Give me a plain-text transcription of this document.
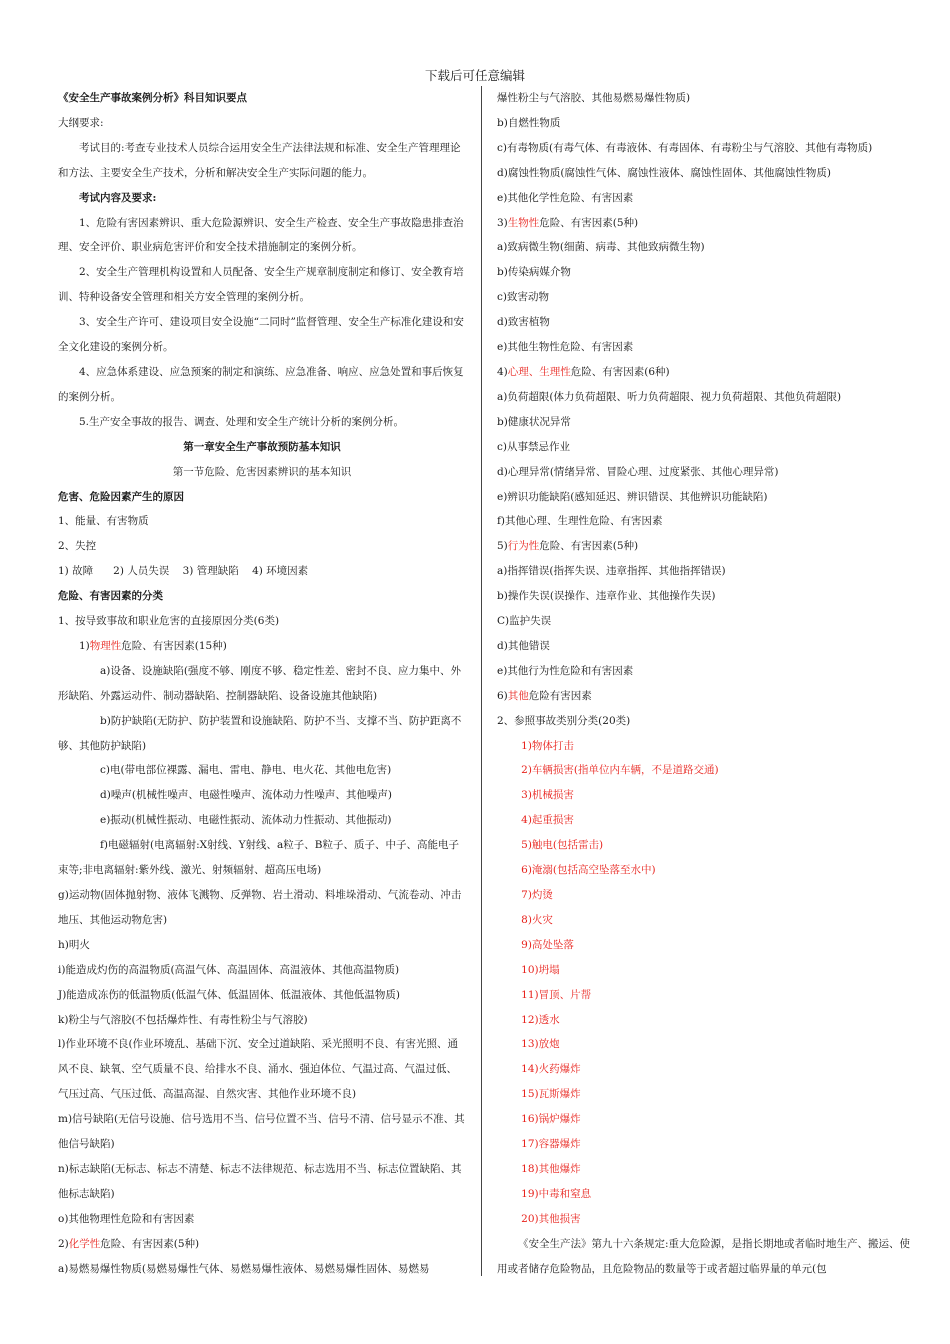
下载后可任意编辑

《安全生产事故案例分析》科目知识要点

大纲要求:

考试目的:考查专业技术人员综合运用安全生产法律法规和标准、安全生产管理理论和方法、主要安全生产技术，分析和解决安全生产实际问题的能力。

考试内容及要求:

1、危险有害因素辨识、重大危险源辨识、安全生产检查、安全生产事故隐患排查治理、安全评价、职业病危害评价和安全技术措施制定的案例分析。

2、安全生产管理机构设置和人员配备、安全生产规章制度制定和修订、安全教育培训、特种设备安全管理和相关方安全管理的案例分析。

3、安全生产许可、建设项目安全设施“二同时”监督管理、安全生产标准化建设和安全文化建设的案例分析。

4、应急体系建设、应急预案的制定和演练、应急准备、响应、应急处置和事后恢复的案例分析。

5.生产安全事故的报告、调查、处理和安全生产统计分析的案例分析。

第一章安全生产事故预防基本知识

第一节危险、危害因素辨识的基本知识

危害、危险因素产生的原因

1、能量、有害物质

2、失控

1) 故障      2) 人员失误    3) 管理缺陷    4) 环境因素

危险、有害因素的分类

1、按导致事故和职业危害的直接原因分类(6类)

1)物理性危险、有害因素(15种)

a)设备、设施缺陷(强度不够、刚度不够、稳定性差、密封不良、应力集中、外形缺陷、外露运动件、制动器缺陷、控制器缺陷、设备设施其他缺陷)

b)防护缺陷(无防护、防护装置和设施缺陷、防护不当、支撑不当、防护距离不够、其他防护缺陷)

c)电(带电部位裸露、漏电、雷电、静电、电火花、其他电危害)

d)噪声(机械性噪声、电磁性噪声、流体动力性噪声、其他噪声)

e)振动(机械性振动、电磁性振动、流体动力性振动、其他振动)

f)电磁辐射(电离辐射:X射线、Y射线、a粒子、B粒子、质子、中子、高能电子束等;非电离辐射:紫外线、激光、射频辐射、超高压电场)

g)运动物(固体抛射物、液体飞溅物、反弹物、岩土滑动、料堆垛滑动、气流卷动、冲击地压、其他运动物危害)

h)明火

i)能造成灼伤的高温物质(高温气体、高温固体、高温液体、其他高温物质)

J)能造成冻伤的低温物质(低温气体、低温固体、低温液体、其他低温物质)

k)粉尘与气溶胶(不包括爆炸性、有毒性粉尘与气溶胶)

l)作业环境不良(作业环境乱、基础下沉、安全过道缺陷、采光照明不良、有害光照、通风不良、缺氧、空气质量不良、给排水不良、涌水、强迫体位、气温过高、气温过低、气压过高、气压过低、高温高湿、自然灾害、其他作业环境不良)

m)信号缺陷(无信号设施、信号选用不当、信号位置不当、信号不清、信号显示不准、其他信号缺陷)

n)标志缺陷(无标志、标志不清楚、标志不法律规范、标志选用不当、标志位置缺陷、其他标志缺陷)

o)其他物理性危险和有害因素

2)化学性危险、有害因素(5种)

a)易燃易爆性物质(易燃易爆性气体、易燃易爆性液体、易燃易爆性固体、易燃易

爆性粉尘与气溶胶、其他易燃易爆性物质)

b)自燃性物质

c)有毒物质(有毒气体、有毒液体、有毒固体、有毒粉尘与气溶胶、其他有毒物质)

d)腐蚀性物质(腐蚀性气体、腐蚀性液体、腐蚀性固体、其他腐蚀性物质)

e)其他化学性危险、有害因素

3)生物性危险、有害因素(5种)

a)致病微生物(细菌、病毒、其他致病微生物)

b)传染病媒介物

c)致害动物

d)致害植物

e)其他生物性危险、有害因素

4)心理、生理性危险、有害因素(6种)

a)负荷超限(体力负荷超限、听力负荷超限、视力负荷超限、其他负荷超限)

b)健康状况异常

c)从事禁忌作业

d)心理异常(情绪异常、冒险心理、过度紧张、其他心理异常)

e)辨识功能缺陷(感知延迟、辨识错误、其他辨识功能缺陷)

f)其他心理、生理性危险、有害因素

5)行为性危险、有害因素(5种)

a)指挥错误(指挥失误、违章指挥、其他指挥错误)

b)操作失误(误操作、违章作业、其他操作失误)

C)监护失误

d)其他错误

e)其他行为性危险和有害因素

6)其他危险有害因素

2、参照事故类别分类(20类)

1)物体打击

2)车辆损害(指单位内车辆，不是道路交通)

3)机械损害

4)起重损害

5)触电(包括雷击)

6)淹溺(包括高空坠落至水中)

7)灼烫

8)火灾

9)高处坠落

10)坍塌

11)冒顶、片帮

12)透水

13)放炮

14)火药爆炸

15)瓦斯爆炸

16)锅炉爆炸

17)容器爆炸

18)其他爆炸

19)中毒和窒息

20)其他损害

《安全生产法》第九十六条规定:重大危险源，是指长期地或者临时地生产、搬运、使用或者储存危险物品，且危险物品的数量等于或者超过临界量的单元(包
